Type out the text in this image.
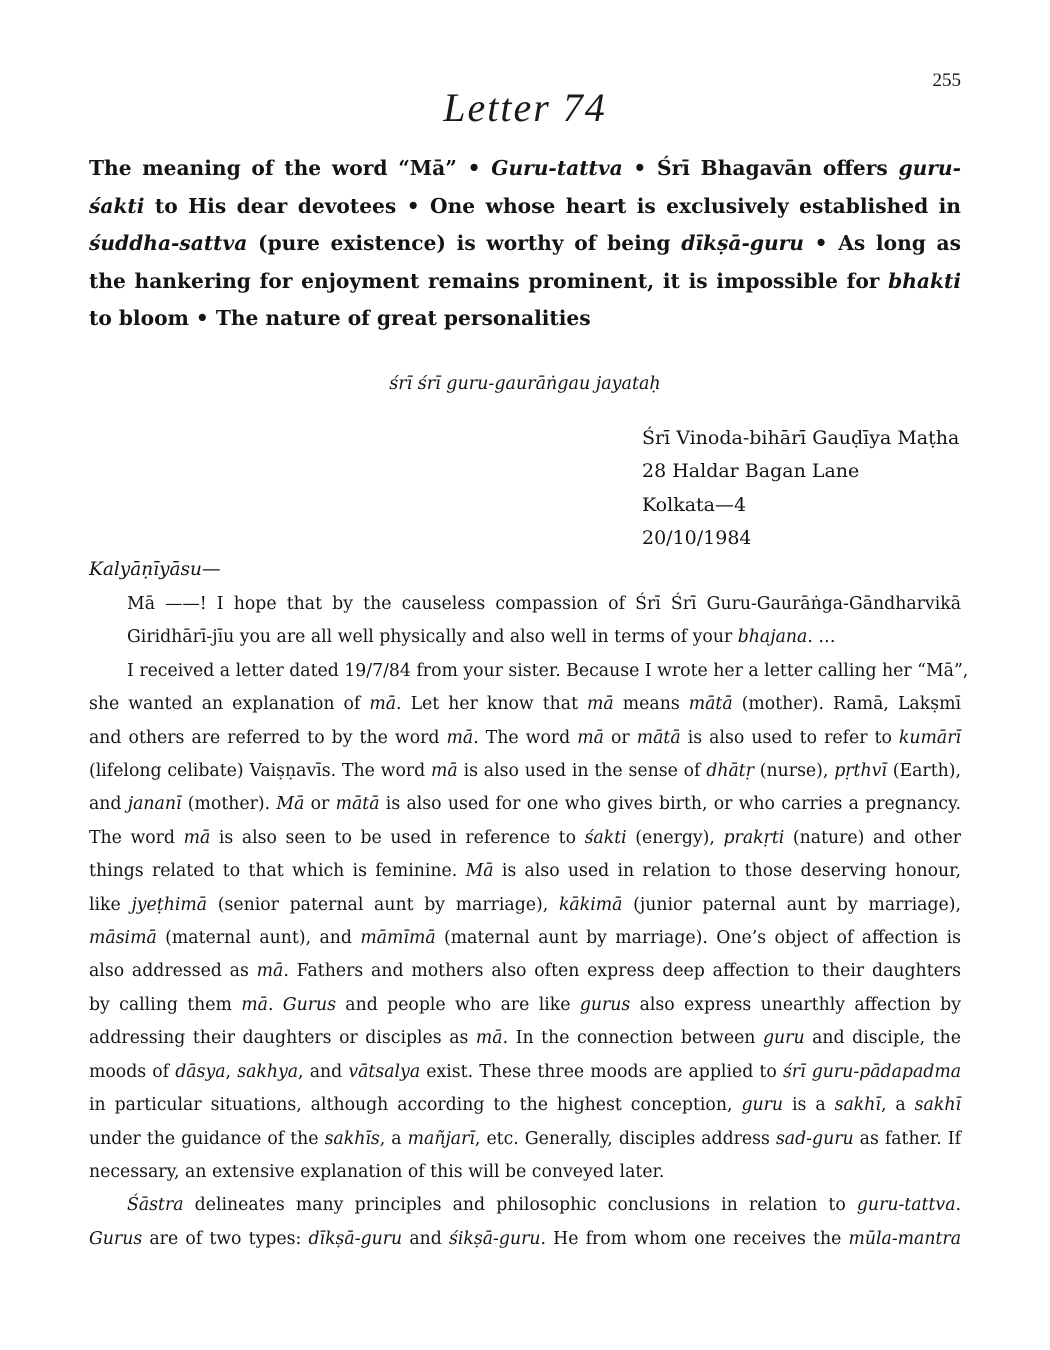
255
Letter 74
The meaning of the word “Mā” • Guru-tattva • Śrī Bhagavān offers guru-śakti to His dear devotees • One whose heart is exclusively established in śuddha-sattva (pure existence) is worthy of being dīkṣā-guru • As long as the hankering for enjoyment remains prominent, it is impossible for bhakti to bloom • The nature of great personalities
śrī śrī guru-gaurāṅgau jayataḥ
Śrī Vinoda-bihārī Gauḍīya Maṭha
28 Haldar Bagan Lane
Kolkata—4
20/10/1984
Kalyāṇīyāsu—

Mā ——! I hope that by the causeless compassion of Śrī Śrī Guru-Gaurāṅga-Gāndharvikā
Giridhārī-jīu you are all well physically and also well in terms of your bhajana. …

I received a letter dated 19/7/84 from your sister. Because I wrote her a letter calling her “Mā”,
she wanted an explanation of mā. Let her know that mā means mātā (mother). Ramā, Lakṣmī
and others are referred to by the word mā. The word mā or mātā is also used to refer to kumārī
(lifelong celibate) Vaiṣṇavīs. The word mā is also used in the sense of dhātṛ (nurse), pṛthvī (Earth),
and jananī (mother). Mā or mātā is also used for one who gives birth, or who carries a pregnancy.
The word mā is also seen to be used in reference to śakti (energy), prakṛti (nature) and other
things related to that which is feminine. Mā is also used in relation to those deserving honour,
like jyeṭhimā (senior paternal aunt by marriage), kākimā (junior paternal aunt by marriage),
māsimā (maternal aunt), and māmīmā (maternal aunt by marriage). One’s object of affection is
also addressed as mā. Fathers and mothers also often express deep affection to their daughters
by calling them mā. Gurus and people who are like gurus also express unearthly affection by
addressing their daughters or disciples as mā. In the connection between guru and disciple, the
moods of dāsya, sakhya, and vātsalya exist. These three moods are applied to śrī guru-pādapadma
in particular situations, although according to the highest conception, guru is a sakhī, a sakhī
under the guidance of the sakhīs, a mañjarī, etc. Generally, disciples address sad-guru as father. If
necessary, an extensive explanation of this will be conveyed later.

Śāstra delineates many principles and philosophic conclusions in relation to guru-tattva.
Gurus are of two types: dīkṣā-guru and śikṣā-guru. He from whom one receives the mūla-mantra
